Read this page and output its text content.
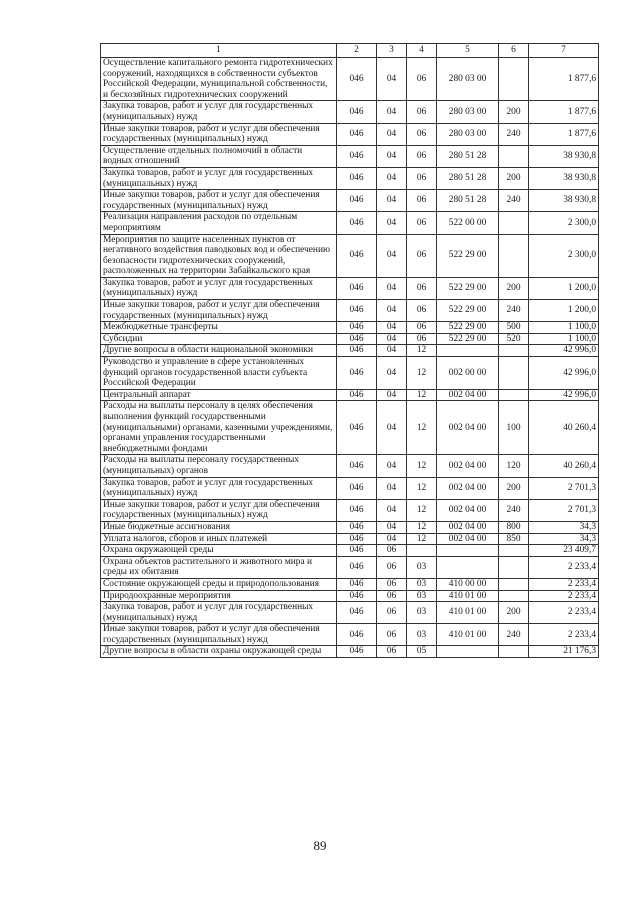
1	2	3	4	5	6	7
Осуществление капитального ремонта гидротехнических сооружений, находящихся в собственности субъектов Российской Федерации, муниципальной собственности, и бесхозяйных гидротехнических сооружений	046	04	06	280 03 00		1 877,6
Закупка товаров, работ и услуг для государственных (муниципальных) нужд	046	04	06	280 03 00	200	1 877,6
Иные закупки товаров, работ и услуг для обеспечения государственных (муниципальных) нужд	046	04	06	280 03 00	240	1 877,6
Осуществление отдельных полномочий в области водных отношений	046	04	06	280 51 28		38 930,8
Закупка товаров, работ и услуг для государственных (муниципальных) нужд	046	04	06	280 51 28	200	38 930,8
Иные закупки товаров, работ и услуг для обеспечения государственных (муниципальных) нужд	046	04	06	280 51 28	240	38 930,8
Реализация направления расходов по отдельным мероприятиям	046	04	06	522 00 00		2 300,0
Мероприятия по защите населенных пунктов от негативного воздействия паводковых вод и обеспечению безопасности гидротехнических сооружений, расположенных на территории Забайкальского края	046	04	06	522 29 00		2 300,0
Закупка товаров, работ и услуг для государственных (муниципальных) нужд	046	04	06	522 29 00	200	1 200,0
Иные закупки товаров, работ и услуг для обеспечения государственных (муниципальных) нужд	046	04	06	522 29 00	240	1 200,0
Межбюджетные трансферты	046	04	06	522 29 00	500	1 100,0
Субсидии	046	04	06	522 29 00	520	1 100,0
Другие вопросы в области национальной экономики	046	04	12			42 996,0
Руководство и управление в сфере установленных функций органов государственной власти субъекта Российской Федерации	046	04	12	002 00 00		42 996,0
Центральный аппарат	046	04	12	002 04 00		42 996,0
Расходы на выплаты персоналу в целях обеспечения выполнения функций государственными (муниципальными) органами, казенными учреждениями, органами управления государственными внебюджетными фондами	046	04	12	002 04 00	100	40 260,4
Расходы на выплаты персоналу государственных (муниципальных) органов	046	04	12	002 04 00	120	40 260,4
Закупка товаров, работ и услуг для государственных (муниципальных) нужд	046	04	12	002 04 00	200	2 701,3
Иные закупки товаров, работ и услуг для обеспечения государственных (муниципальных) нужд	046	04	12	002 04 00	240	2 701,3
Иные бюджетные ассигнования	046	04	12	002 04 00	800	34,3
Уплата налогов, сборов и иных платежей	046	04	12	002 04 00	850	34,3
Охрана окружающей среды	046	06				23 409,7
Охрана объектов растительного и животного мира и среды их обитания	046	06	03			2 233,4
Состояние окружающей среды и природопользования	046	06	03	410 00 00		2 233,4
Природоохранные мероприятия	046	06	03	410 01 00		2 233,4
Закупка товаров, работ и услуг для государственных (муниципальных) нужд	046	06	03	410 01 00	200	2 233,4
Иные закупки товаров, работ и услуг для обеспечения государственных (муниципальных) нужд	046	06	03	410 01 00	240	2 233,4
Другие вопросы в области охраны окружающей среды	046	06	05			21 176,3
89
